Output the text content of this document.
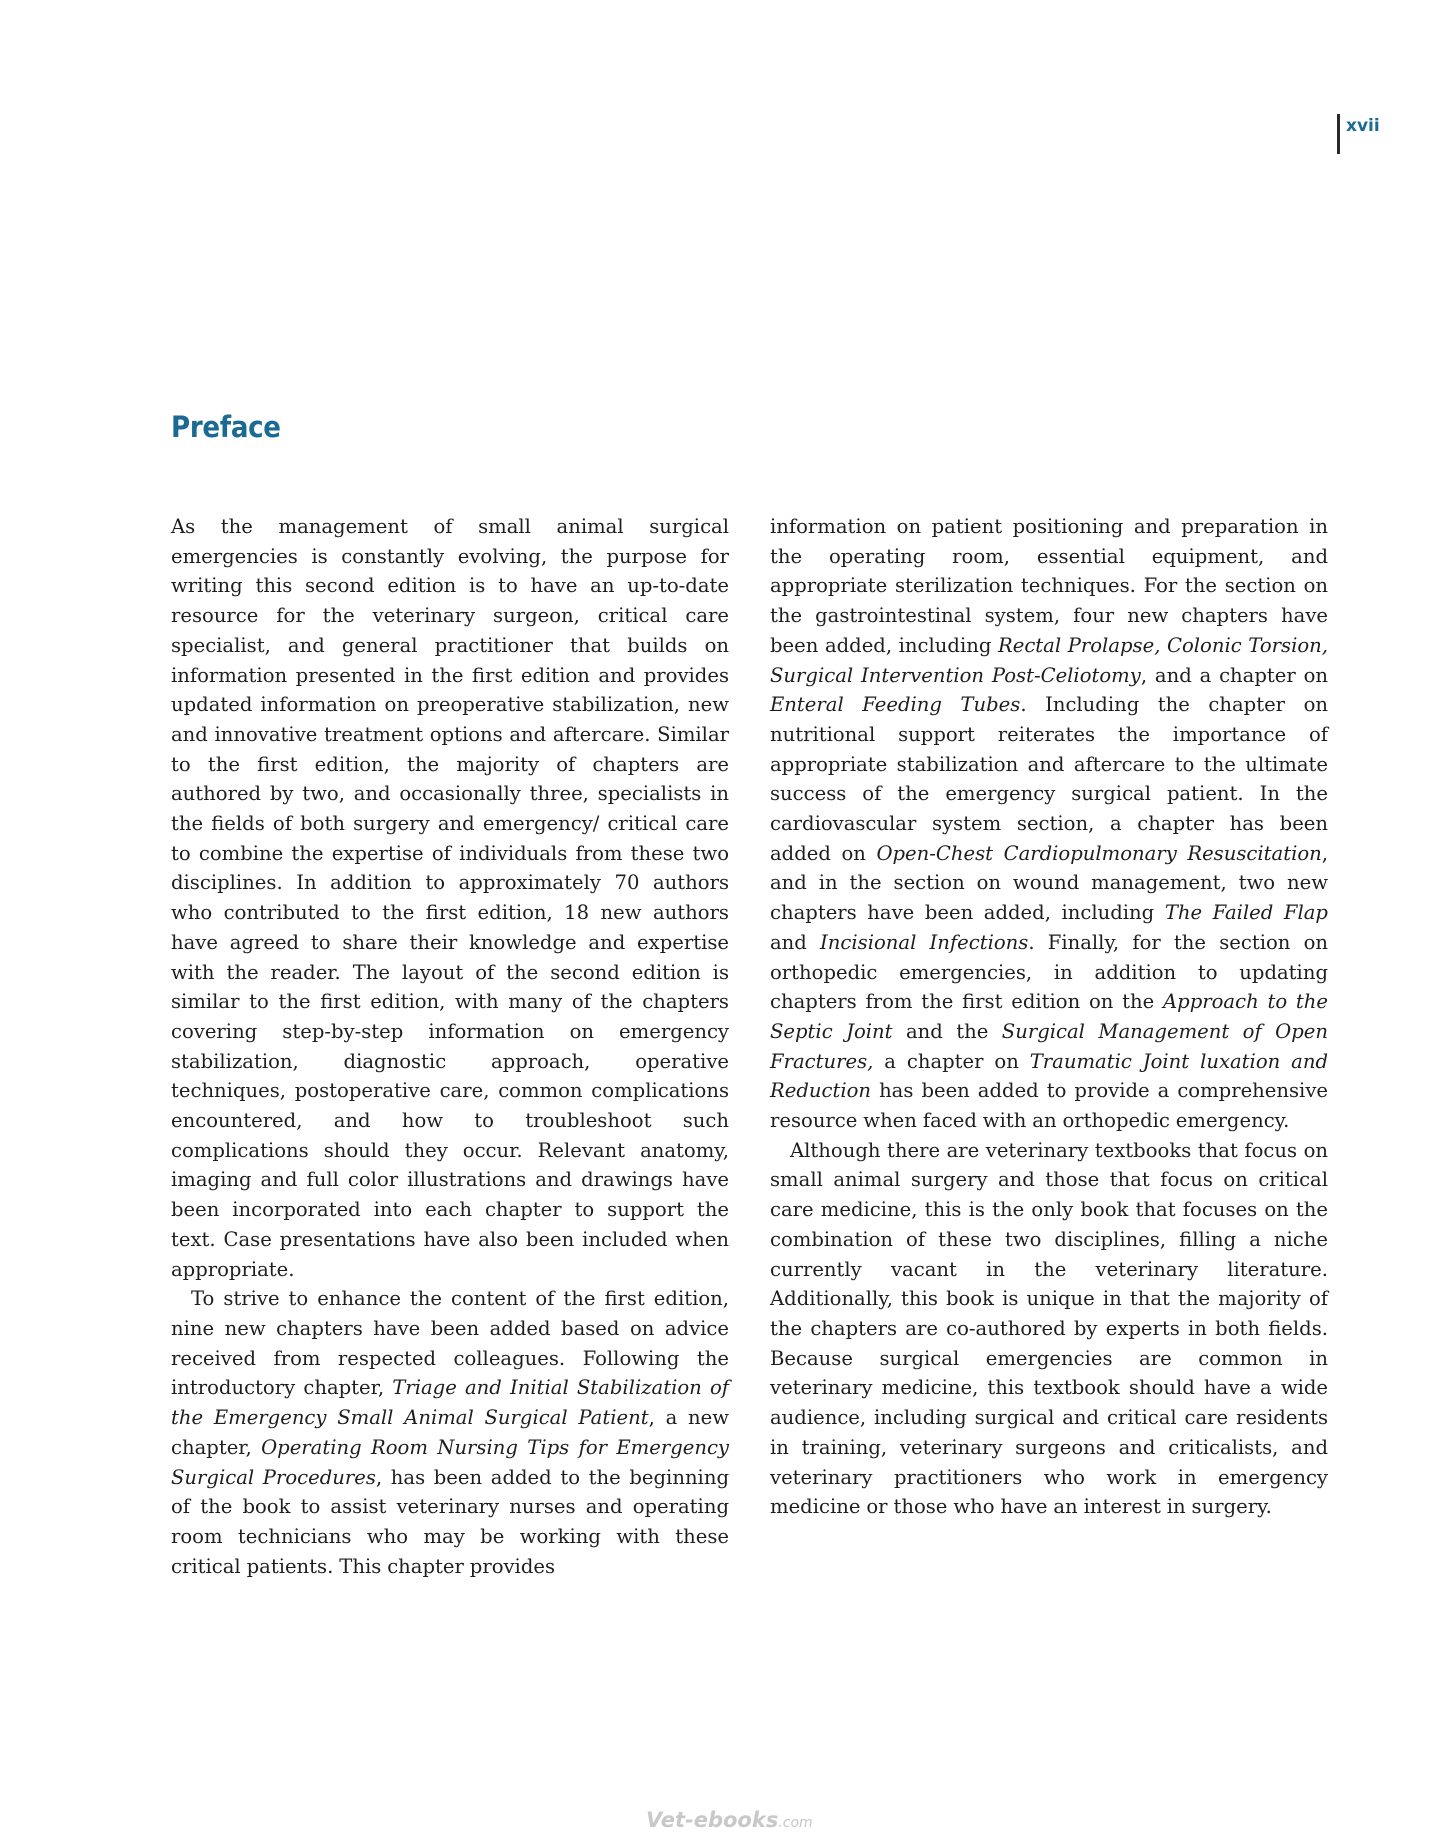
xvii
Preface

As the management of small animal surgical emergencies is constantly evolving, the purpose for writing this second edition is to have an up-to-date resource for the veterinary surgeon, critical care specialist, and general practitioner that builds on information presented in the first edition and provides updated information on preoperative stabilization, new and innovative treatment options and aftercare. Similar to the first edition, the majority of chapters are authored by two, and occasionally three, specialists in the fields of both surgery and emergency/ critical care to combine the expertise of individuals from these two disciplines. In addition to approximately 70 authors who contributed to the first edition, 18 new authors have agreed to share their knowledge and expertise with the reader. The layout of the second edition is similar to the first edition, with many of the chapters covering step-by-step information on emergency stabilization, diagnostic approach, operative techniques, postoperative care, common complications encountered, and how to troubleshoot such complications should they occur. Relevant anatomy, imaging and full color illustrations and drawings have been incorporated into each chapter to support the text. Case presentations have also been included when appropriate.

To strive to enhance the content of the first edition, nine new chapters have been added based on advice received from respected colleagues. Following the introductory chapter, Triage and Initial Stabilization of the Emergency Small Animal Surgical Patient, a new chapter, Operating Room Nursing Tips for Emergency Surgical Procedures, has been added to the beginning of the book to assist veterinary nurses and operating room technicians who may be working with these critical patients. This chapter provides

information on patient positioning and preparation in the operating room, essential equipment, and appropriate sterilization techniques. For the section on the gastrointestinal system, four new chapters have been added, including Rectal Prolapse, Colonic Torsion, Surgical Intervention Post-Celiotomy, and a chapter on Enteral Feeding Tubes. Including the chapter on nutritional support reiterates the importance of appropriate stabilization and aftercare to the ultimate success of the emergency surgical patient. In the cardiovascular system section, a chapter has been added on Open-Chest Cardiopulmonary Resuscitation, and in the section on wound management, two new chapters have been added, including The Failed Flap and Incisional Infections. Finally, for the section on orthopedic emergencies, in addition to updating chapters from the first edition on the Approach to the Septic Joint and the Surgical Management of Open Fractures, a chapter on Traumatic Joint luxation and Reduction has been added to provide a comprehensive resource when faced with an orthopedic emergency.

Although there are veterinary textbooks that focus on small animal surgery and those that focus on critical care medicine, this is the only book that focuses on the combination of these two disciplines, filling a niche currently vacant in the veterinary literature. Additionally, this book is unique in that the majority of the chapters are co-authored by experts in both fields. Because surgical emergencies are common in veterinary medicine, this textbook should have a wide audience, including surgical and critical care residents in training, veterinary surgeons and criticalists, and veterinary practitioners who work in emergency medicine or those who have an interest in surgery.

Vet-ebooks.com
